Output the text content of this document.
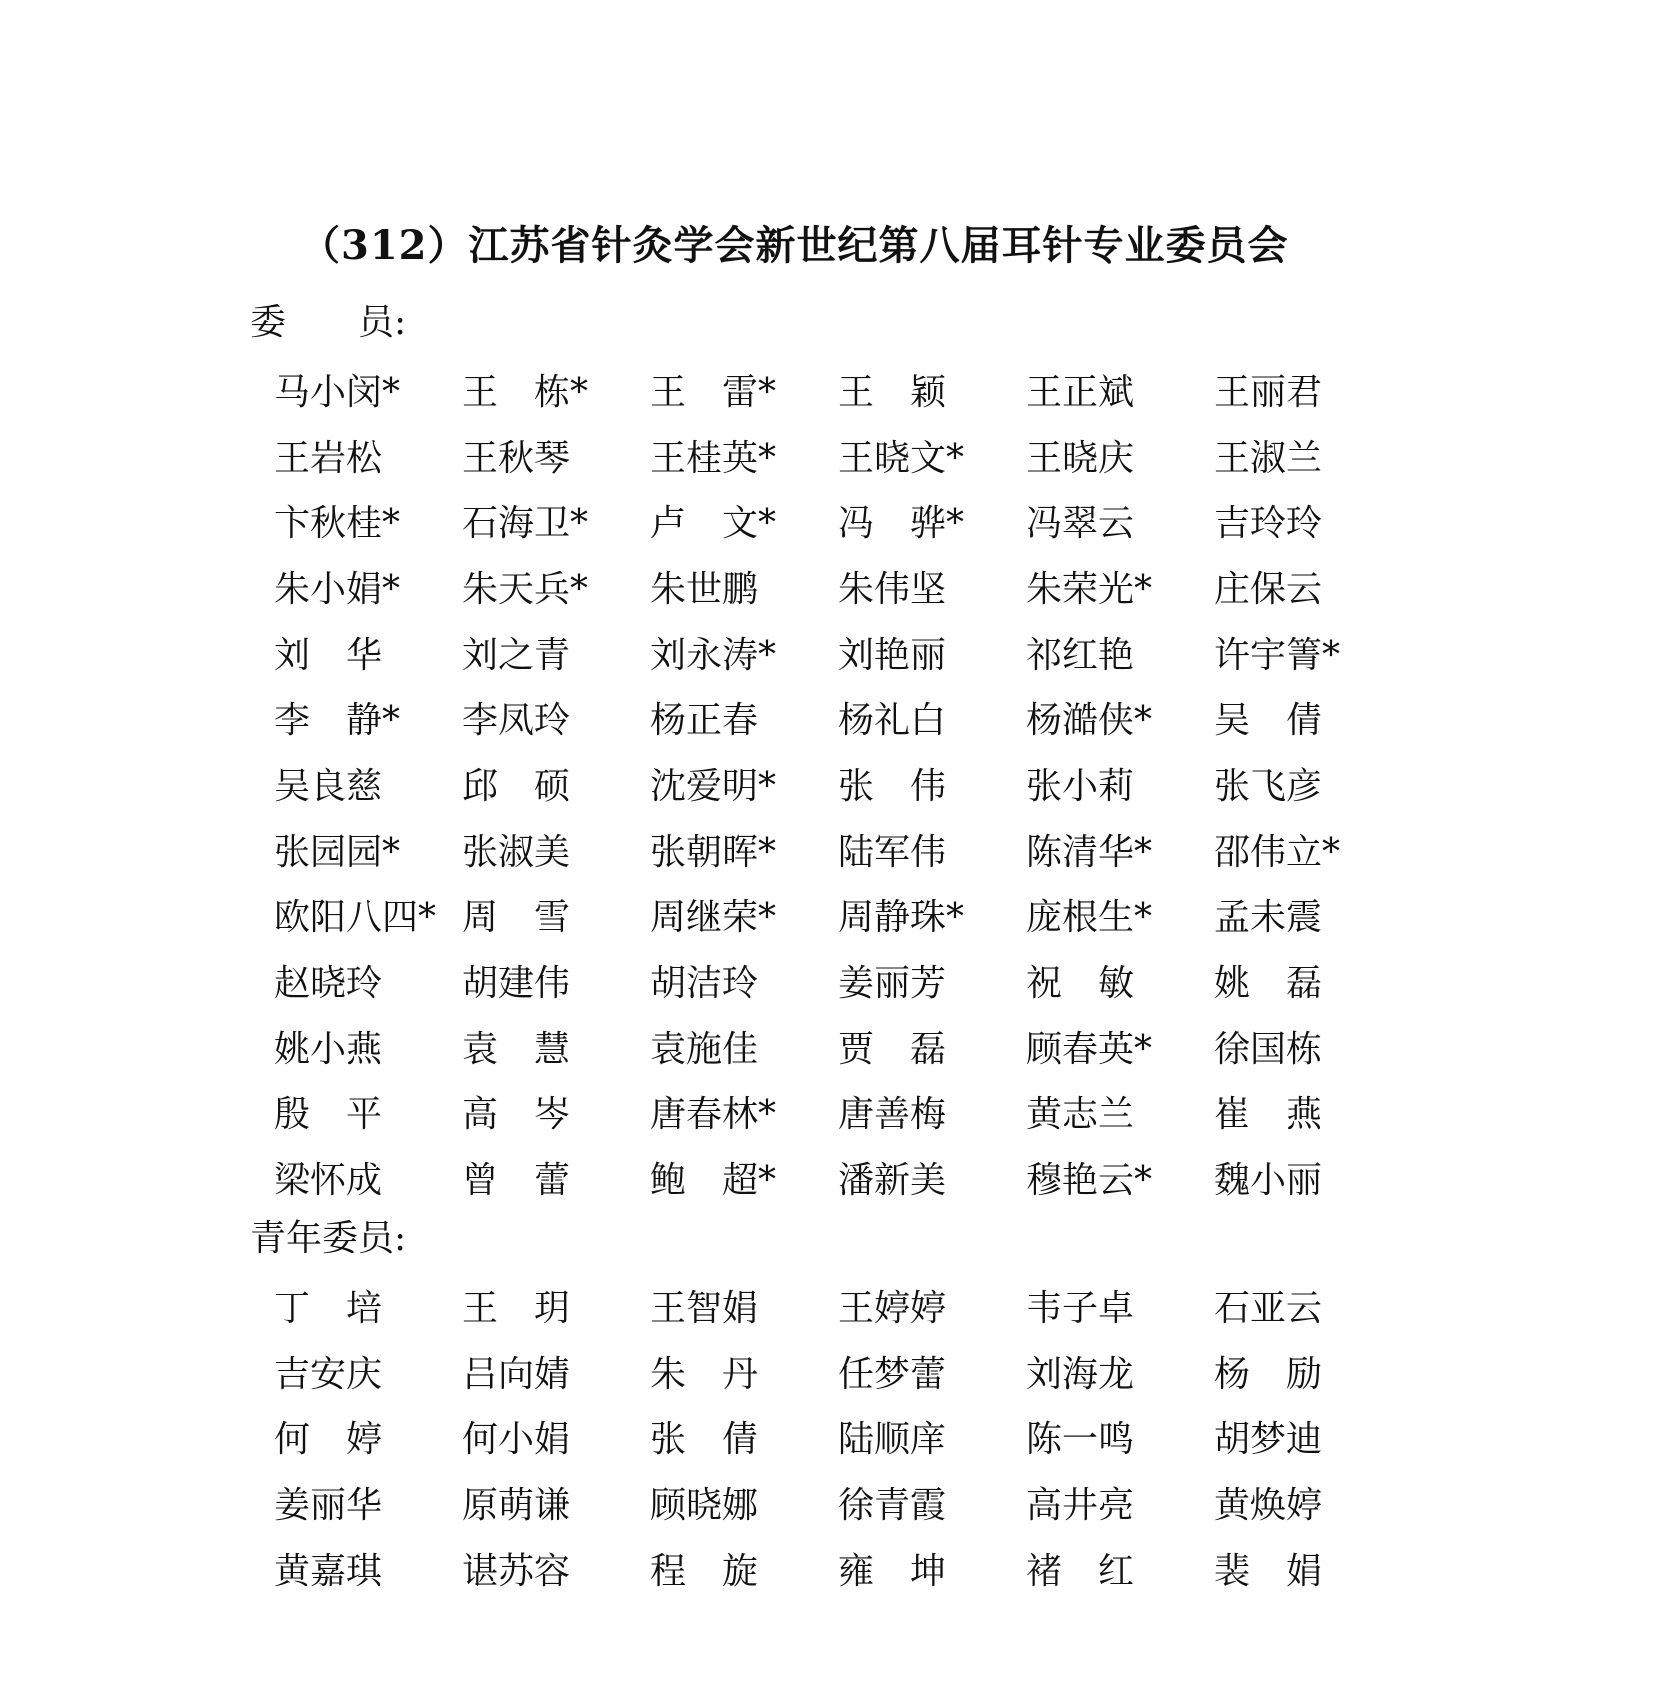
（312）江苏省针灸学会新世纪第八届耳针专业委员会
委　　员:
马小闵*	王　栋*	王　雷*	王　颖	王正斌	王丽君
王岩松	王秋琴	王桂英*	王晓文*	王晓庆	王淑兰
卞秋桂*	石海卫*	卢　文*	冯　骅*	冯翠云	吉玲玲
朱小娟*	朱天兵*	朱世鹏	朱伟坚	朱荣光*	庄保云
刘　华	刘之青	刘永涛*	刘艳丽	祁红艳	许宇箐*
李　静*	李凤玲	杨正春	杨礼白	杨澔侠*	吴　倩
吴良慈	邱　硕	沈爱明*	张　伟	张小莉	张飞彦
张园园*	张淑美	张朝晖*	陆军伟	陈清华*	邵伟立*
欧阳八四* 周　雪	周继荣*	周静珠*	庞根生*	孟未震
赵晓玲	胡建伟	胡洁玲	姜丽芳	祝　敏	姚　磊
姚小燕	袁　慧	袁施佳	贾　磊	顾春英*	徐国栋
殷　平	高　岑	唐春林*	唐善梅	黄志兰	崔　燕
梁怀成	曾　蕾	鲍　超*	潘新美	穆艳云*	魏小丽
青年委员:
丁　培	王　玥	王智娟	王婷婷	韦子卓	石亚云
吉安庆	吕向婧	朱　丹	任梦蕾	刘海龙	杨　励
何　婷	何小娟	张　倩	陆顺庠	陈一鸣	胡梦迪
姜丽华	原萌谦	顾晓娜	徐青霞	高井亮	黄焕婷
黄嘉琪	谌苏容	程　旋	雍　坤	褚　红	裴　娟
